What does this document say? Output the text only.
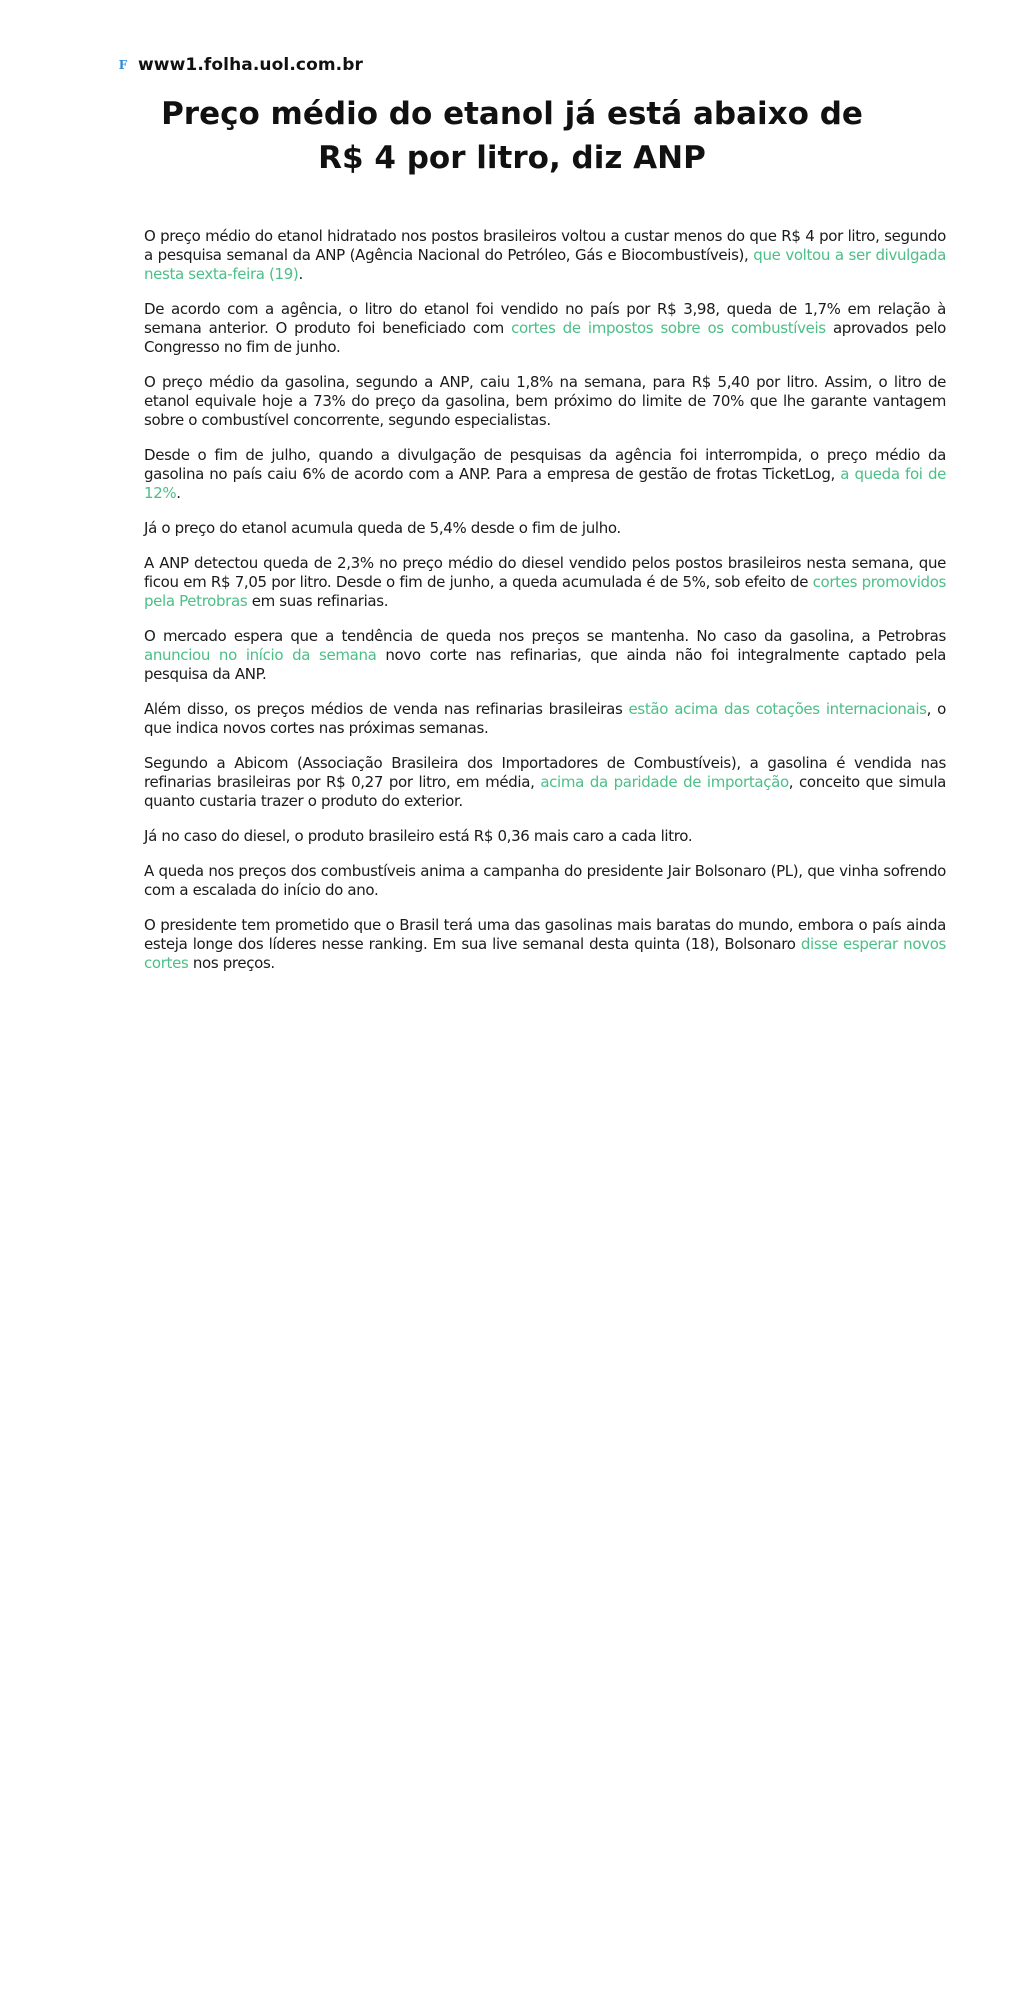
F www1.folha.uol.com.br
Preço médio do etanol já está abaixo de R$ 4 por litro, diz ANP

O preço médio do etanol hidratado nos postos brasileiros voltou a custar menos do que R$ 4 por litro, segundo a pesquisa semanal da ANP (Agência Nacional do Petróleo, Gás e Biocombustíveis), que voltou a ser divulgada nesta sexta-feira (19).

De acordo com a agência, o litro do etanol foi vendido no país por R$ 3,98, queda de 1,7% em relação à semana anterior. O produto foi beneficiado com cortes de impostos sobre os combustíveis aprovados pelo Congresso no fim de junho.

O preço médio da gasolina, segundo a ANP, caiu 1,8% na semana, para R$ 5,40 por litro. Assim, o litro de etanol equivale hoje a 73% do preço da gasolina, bem próximo do limite de 70% que lhe garante vantagem sobre o combustível concorrente, segundo especialistas.

Desde o fim de julho, quando a divulgação de pesquisas da agência foi interrompida, o preço médio da gasolina no país caiu 6% de acordo com a ANP. Para a empresa de gestão de frotas TicketLog, a queda foi de 12%.

Já o preço do etanol acumula queda de 5,4% desde o fim de julho.

A ANP detectou queda de 2,3% no preço médio do diesel vendido pelos postos brasileiros nesta semana, que ficou em R$ 7,05 por litro. Desde o fim de junho, a queda acumulada é de 5%, sob efeito de cortes promovidos pela Petrobras em suas refinarias.

O mercado espera que a tendência de queda nos preços se mantenha. No caso da gasolina, a Petrobras anunciou no início da semana novo corte nas refinarias, que ainda não foi integralmente captado pela pesquisa da ANP.

Além disso, os preços médios de venda nas refinarias brasileiras estão acima das cotações internacionais, o que indica novos cortes nas próximas semanas.

Segundo a Abicom (Associação Brasileira dos Importadores de Combustíveis), a gasolina é vendida nas refinarias brasileiras por R$ 0,27 por litro, em média, acima da paridade de importação, conceito que simula quanto custaria trazer o produto do exterior.

Já no caso do diesel, o produto brasileiro está R$ 0,36 mais caro a cada litro.

A queda nos preços dos combustíveis anima a campanha do presidente Jair Bolsonaro (PL), que vinha sofrendo com a escalada do início do ano.

O presidente tem prometido que o Brasil terá uma das gasolinas mais baratas do mundo, embora o país ainda esteja longe dos líderes nesse ranking. Em sua live semanal desta quinta (18), Bolsonaro disse esperar novos cortes nos preços.
